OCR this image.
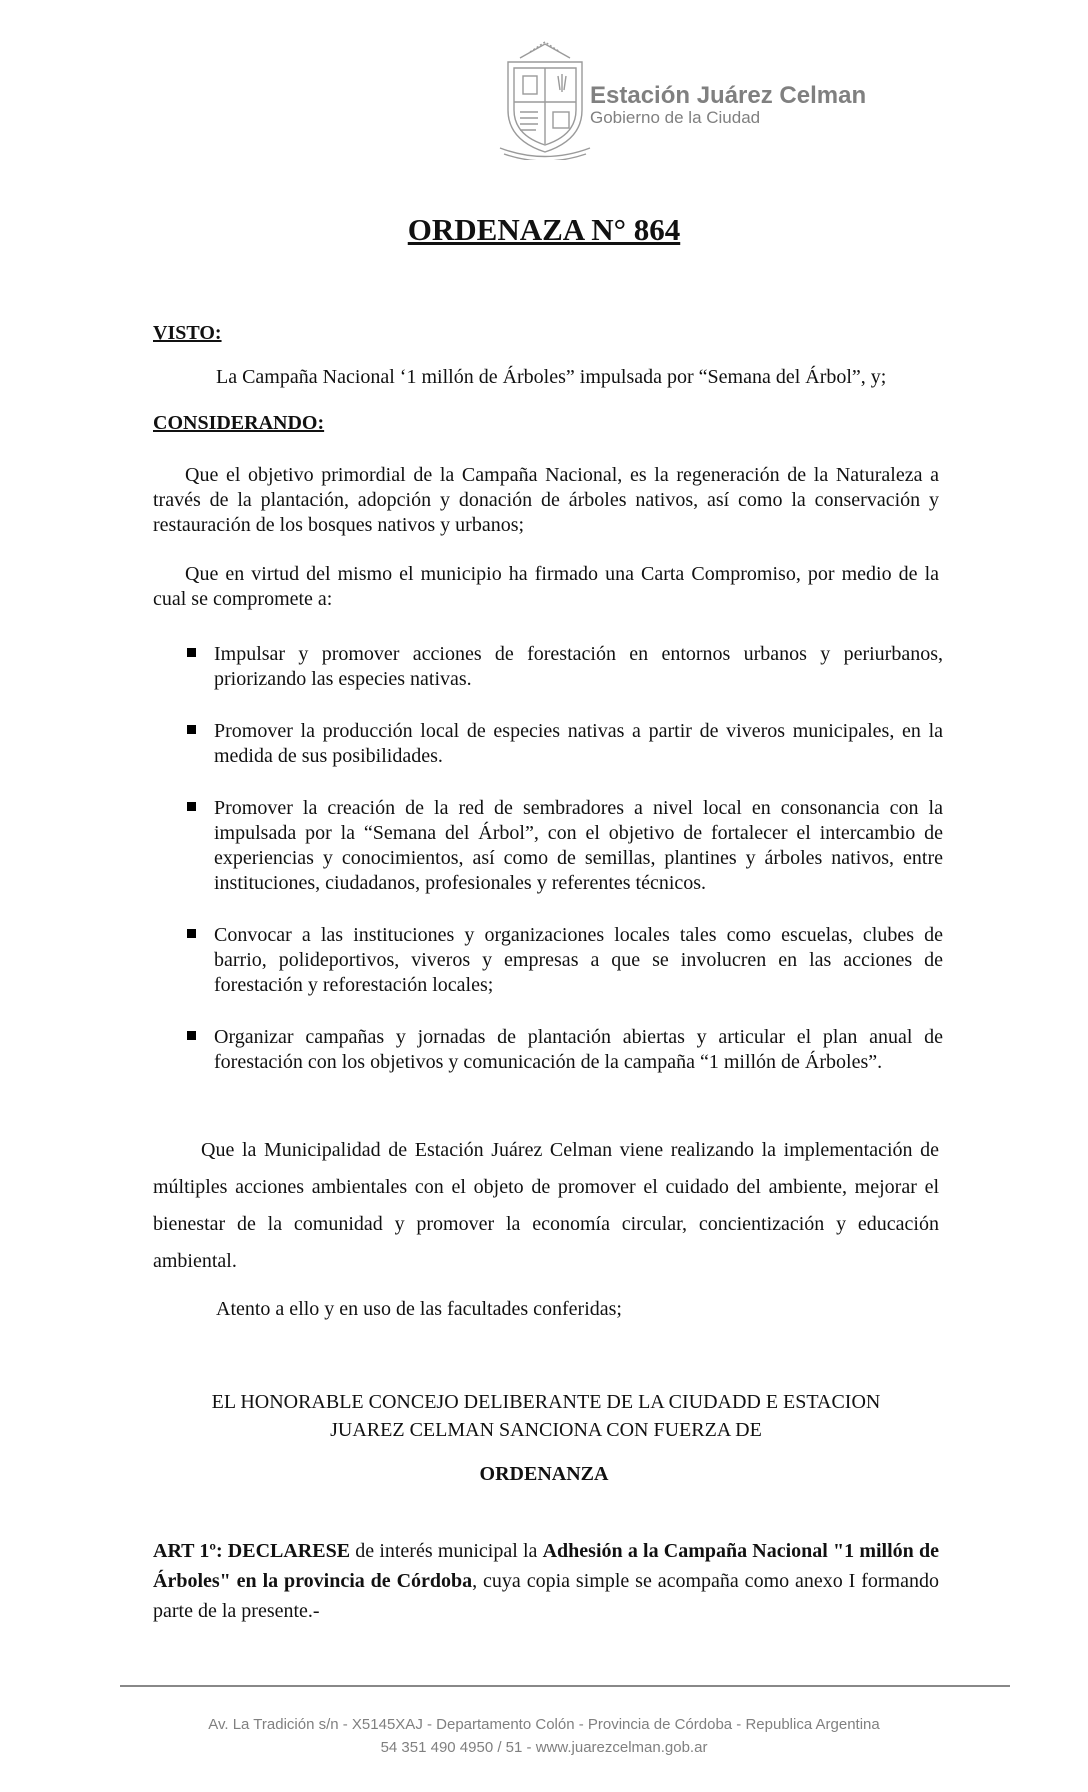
Estación Juárez Celman
Gobierno de la Ciudad
ORDENAZA N° 864
VISTO:
La Campaña Nacional ‘1 millón de Árboles” impulsada por “Semana del Árbol”, y;
CONSIDERANDO:
Que el objetivo primordial de la Campaña Nacional, es la regeneración de la Naturaleza a través de la plantación, adopción y donación de árboles nativos, así como la conservación y restauración de los bosques nativos y urbanos;
Que en virtud del mismo el municipio ha firmado una Carta Compromiso, por medio de la cual se compromete a:
Impulsar y promover acciones de forestación en entornos urbanos y periurbanos, priorizando las especies nativas.
Promover la producción local de especies nativas a partir de viveros municipales, en la medida de sus posibilidades.
Promover la creación de la red de sembradores a nivel local en consonancia con la impulsada por la “Semana del Árbol”, con el objetivo de fortalecer el intercambio de experiencias y conocimientos, así como de semillas, plantines y árboles nativos, entre instituciones, ciudadanos, profesionales y referentes técnicos.
Convocar a las instituciones y organizaciones locales tales como escuelas, clubes de barrio, polideportivos, viveros y empresas a que se involucren en las acciones de forestación y reforestación locales;
Organizar campañas y jornadas de plantación abiertas y articular el plan anual de forestación con los objetivos y comunicación de la campaña “1 millón de Árboles”.
Que la Municipalidad de Estación Juárez Celman viene realizando la implementación de múltiples acciones ambientales con el objeto de promover el cuidado del ambiente, mejorar el bienestar de la comunidad y promover la economía circular, concientización y educación ambiental.
Atento a ello y en uso de las facultades conferidas;
EL HONORABLE CONCEJO DELIBERANTE DE LA CIUDADD E ESTACION
JUAREZ CELMAN SANCIONA CON FUERZA DE
ORDENANZA
ART 1º: DECLARESE de interés municipal la Adhesión a la Campaña Nacional "1 millón de Árboles" en la provincia de Córdoba, cuya copia simple se acompaña como anexo I formando parte de la presente.-
Av. La Tradición s/n - X5145XAJ - Departamento Colón - Provincia de Córdoba - Republica Argentina
54 351 490 4950 / 51 - www.juarezcelman.gob.ar
